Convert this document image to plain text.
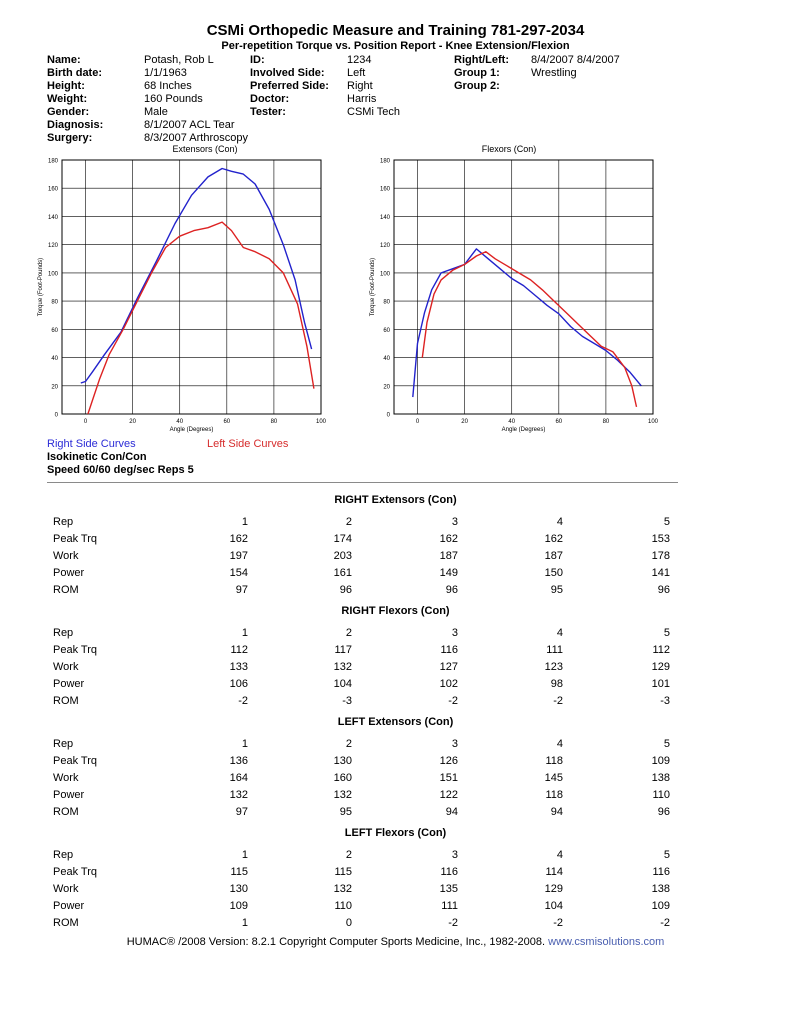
CSMi Orthopedic Measure and Training 781-297-2034
Per-repetition Torque vs. Position Report - Knee Extension/Flexion
Name:	Potash, Rob L
Birth date:	1/1/1963
Height:	68 Inches
Weight:	160 Pounds
Gender:	Male
Diagnosis:	8/1/2007 ACL Tear
Surgery:	8/3/2007 Arthroscopy
ID:	1234
Involved Side: Left
Preferred Side: Right
Doctor:	Harris
Tester:	CSMi Tech
Right/Left: 8/4/2007 8/4/2007
Group 1:	Wrestling
Group 2:
Extensors (Con)	Flexors (Con)
0
20
40
60
80
100
120
140
160
180
0	20	40	60	80	100
Angle (Degrees)
Torque (Foot-Pounds)
0
20
40
60
80
100
120
140
160
180
0	20	40	60	80	100
Angle (Degrees)
Torque (Foot-Pounds)
Right Side Curves	Left Side Curves
Isokinetic Con/Con
Speed 60/60 deg/sec Reps 5
RIGHT Extensors (Con)
Rep	1	2	3	4	5
Peak Trq	162	174	162	162	153
Work	197	203	187	187	178
Power	154	161	149	150	141
ROM	97	96	96	95	96
RIGHT Flexors (Con)
Rep	1	2	3	4	5
Peak Trq	112	117	116	111	112
Work	133	132	127	123	129
Power	106	104	102	98	101
ROM	-2	-3	-2	-2	-3
LEFT Extensors (Con)
Rep	1	2	3	4	5
Peak Trq	136	130	126	118	109
Work	164	160	151	145	138
Power	132	132	122	118	110
ROM	97	95	94	94	96
LEFT Flexors (Con)
Rep	1	2	3	4	5
Peak Trq	115	115	116	114	116
Work	130	132	135	129	138
Power	109	110	111	104	109
ROM	1	0	-2	-2	-2
HUMAC® /2008 Version: 8.2.1 Copyright Computer Sports Medicine, Inc., 1982-2008. www.csmisolutions.com
